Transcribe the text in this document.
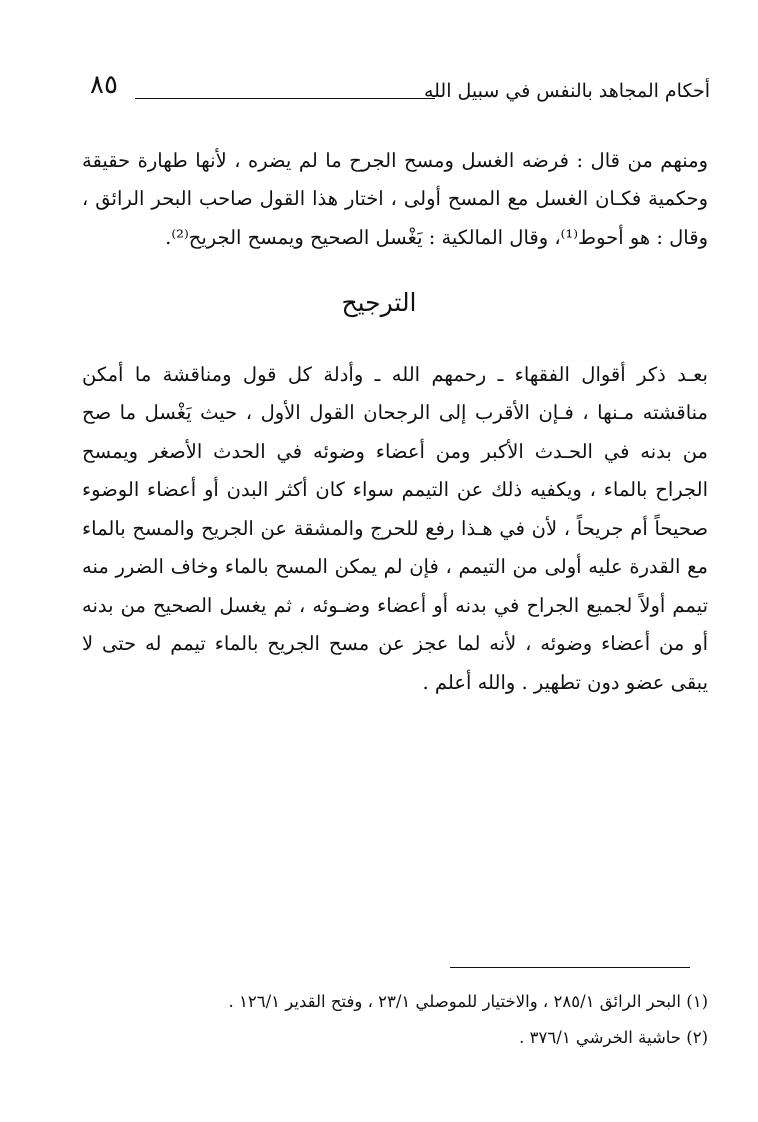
٨٥	أحكام المجاهد بالنفس في سبيل الله

ومنهم من قال : فرضه الغسل ومسح الجرح ما لم يضره ، لأنها طهارة حقيقة وحكمية فكـان الغسل مع المسح أولى ، اختار هذا القول صاحب البحر الرائق ، وقال : هو أحوط⁽¹⁾، وقال المالكية : يَغْسل الصحيح ويمسح الجريح⁽²⁾.

الترجيح

بعـد ذكر أقوال الفقهاء ـ رحمهم الله ـ وأدلة كل قول ومناقشة ما أمكن مناقشته مـنها ، فـإن الأقرب إلى الرجحان القول الأول ، حيث يَغْسل ما صح من بدنه في الحـدث الأكبر ومن أعضاء وضوئه في الحدث الأصغر ويمسح الجراح بالماء ، ويكفيه ذلك عن التيمم سواء كان أكثر البدن أو أعضاء الوضوء صحيحاً أم جريحاً ، لأن في هـذا رفع للحرج والمشقة عن الجريح والمسح بالماء مع القدرة عليه أولى من التيمم ، فإن لم يمكن المسح بالماء وخاف الضرر منه تيمم أولاً لجميع الجراح في بدنه أو أعضاء وضـوئه ، ثم يغسل الصحيح من بدنه أو من أعضاء وضوئه ، لأنه لما عجز عن مسح الجريح بالماء تيمم له حتى لا يبقى عضو دون تطهير . والله أعلم .

(١) البحر الرائق ٢٨٥/١ ، والاختيار للموصلي ٢٣/١ ، وفتح القدير ١٢٦/١ .
(٢) حاشية الخرشي ٣٧٦/١ .
